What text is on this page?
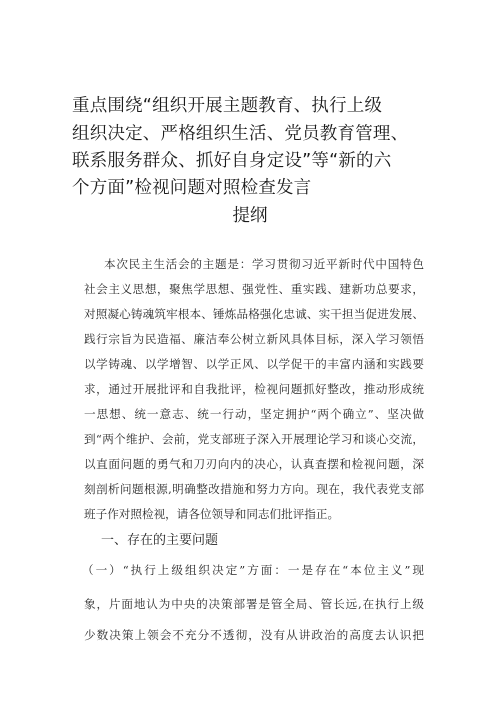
重点围绕“组织开展主题教育、执行上级
组织决定、严格组织生活、党员教育管理、
联系服务群众、抓好自身定设”等“新的六
个方面”检视问题对照检查发言
提纲
本次民主生活会的主题是：学习贯彻习近平新时代中国特色
社会主义思想，聚焦学思想、强党性、重实践、建新功总要求，
对照凝心铸魂筑牢根本、锤炼品格强化忠诚、实干担当促进发展、
践行宗旨为民造福、廉洁奉公树立新风具体目标，深入学习领悟
以学铸魂、以学增智、以学正风、以学促干的丰富内涵和实践要
求，通过开展批评和自我批评，检视问题抓好整改，推动形成统
一思想、统一意志、统一行动，坚定拥护“两个确立”、坚决做
到“两个维护、会前，党支部班子深入开展理论学习和谈心交流，
以直面问题的勇气和刀刃向内的决心，认真査摆和检视问题，深
刻剖析问题根源,明确整改措施和努力方向。现在，我代表党支部
班子作对照检视，请各位领导和同志们批评指正。
一、存在的主要问题
（一）“执行上级组织决定”方面：一是存在“本位主义”现
象，片面地认为中央的决策部署是管全局、管长远,在执行上级
少数决策上领会不充分不透彻，没有从讲政治的高度去认识把
